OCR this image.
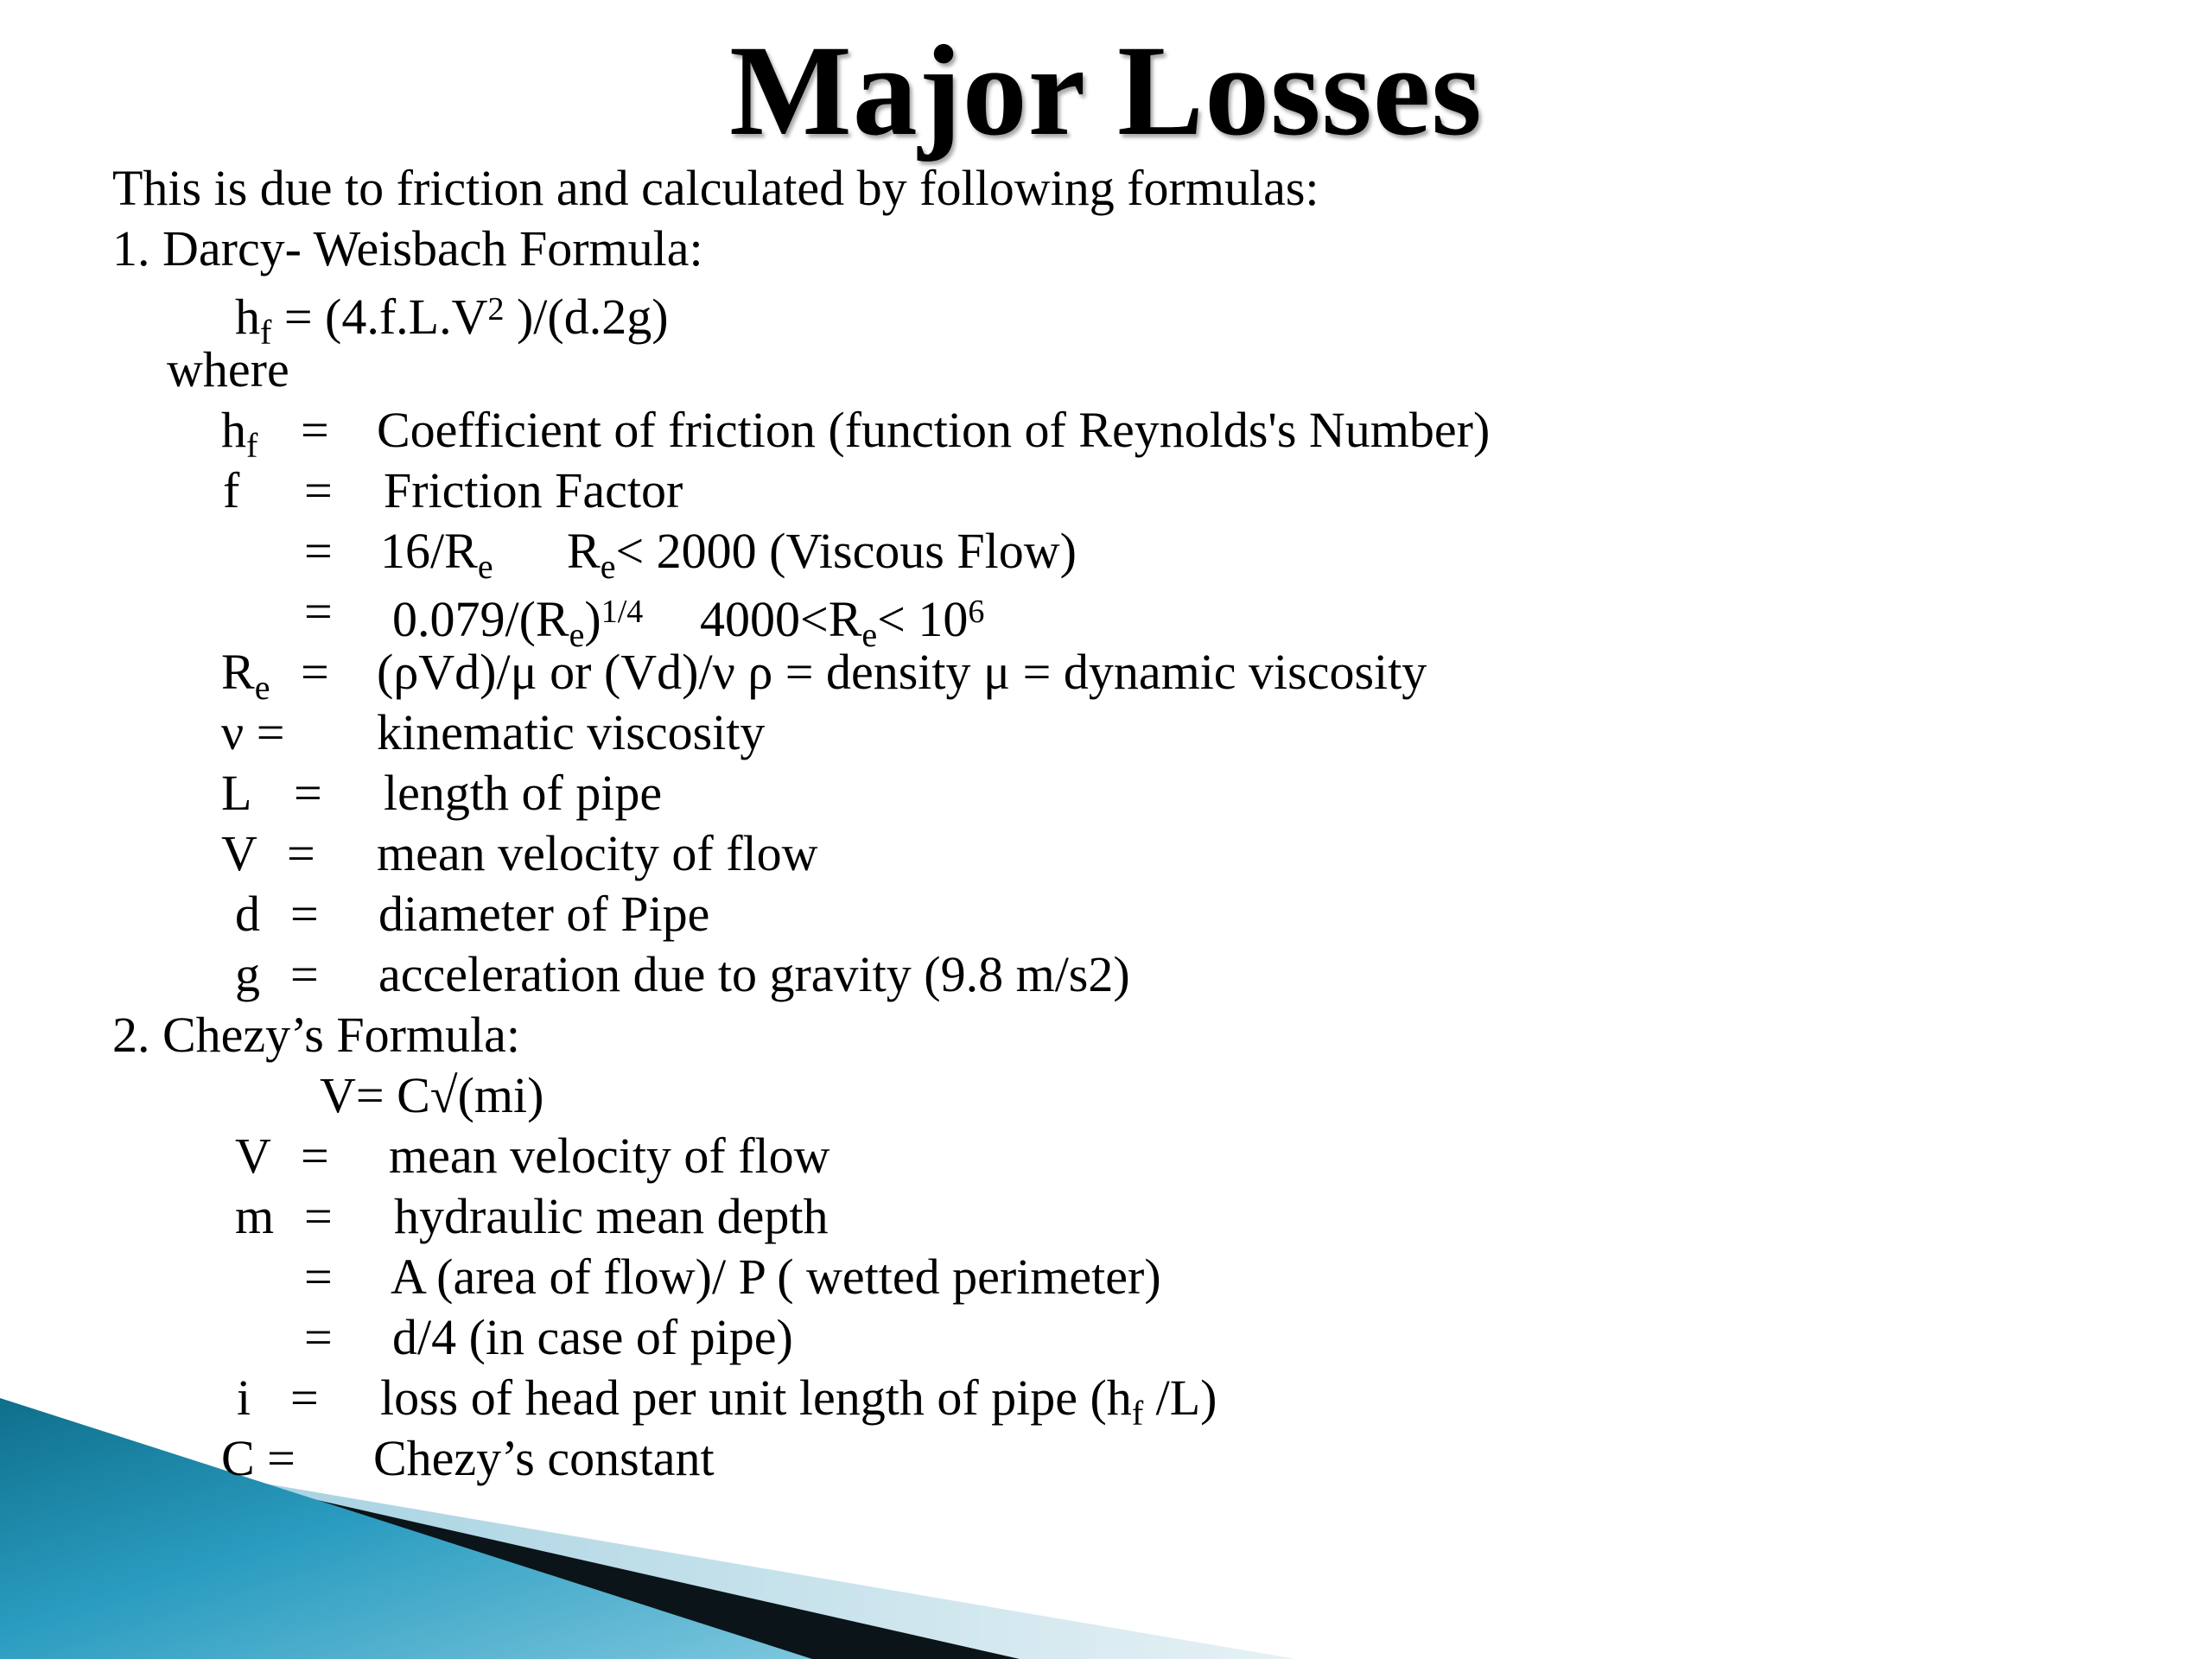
Major Losses
This is due to friction and calculated by following formulas:
1. Darcy- Weisbach Formula:
$h_f = (4.f.L.V^2$ )/(d.2g)
where
$h_f$ = Coefficient of friction (function of Reynolds's Number)
f = Friction Factor
= $16/R_e$ $R_e< 2000$ (Viscous Flow)
= $0.079/(R_e)^{1/4}$ $4000<R_e< 10^6$
$R_e = (\rho Vd)/\mu$ or (Vd)/ν ρ = density μ = dynamic viscosity
ν = kinematic viscosity
L = length of pipe
V = mean velocity of flow
d = diameter of Pipe
g = acceleration due to gravity (9.8 m/s2)
2. Chezy’s Formula:
V= C√(mi)
V = mean velocity of flow
m = hydraulic mean depth
= A (area of flow)/ P ( wetted perimeter)
= d/4 (in case of pipe)
i = loss of head per unit length of pipe ($h_f$ /L)
C = Chezy’s constant
